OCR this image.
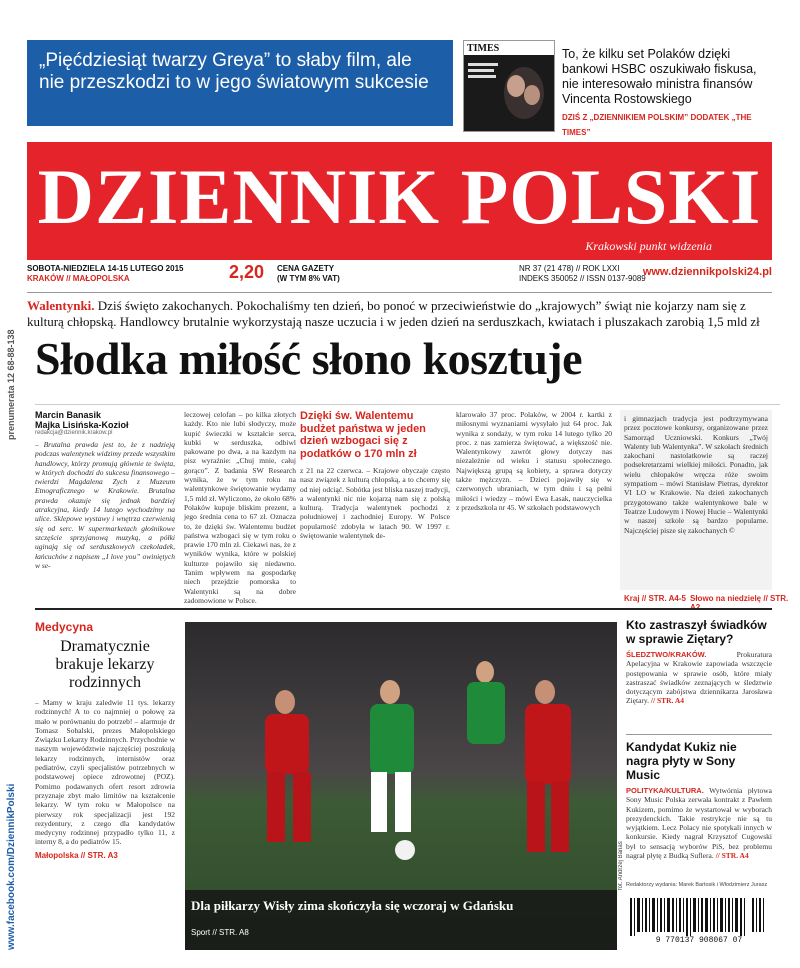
„Pięćdziesiąt twarzy Greya” to słaby film, ale nie przeszkodzi to w jego światowym sukcesie
TIMES	To, że kilku set Polaków dzięki bankowi HSBC oszukiwało fiskusa, nie interesowało ministra finansów Vincenta Rostowskiego
DZIŚ Z „DZIENNIKIEM POLSKIM” DODATEK „THE TIMES”
DZIENNIK POLSKI
Krakowski punkt widzenia
SOBOTA-NIEDZIELA 14-15 LUTEGO 2015
KRAKÓW // MAŁOPOLSKA	2,20 CENA GAZETY
(W TYM 8% VAT)
NR 37 (21 478) // ROK LXXI
INDEKS 350052 // ISSN 0137-9089
www.dziennikpolski24.pl
prenumerata 12 68-88-138
www.facebook.com/DziennikPolski
Walentynki. Dziś święto zakochanych. Pokochaliśmy ten dzień, bo ponoć w przeciwieństwie do „krajowych” świąt nie kojarzy nam się z kulturą chłopską. Handlowcy brutalnie wykorzystają nasze uczucia i w jeden dzień na serduszkach, kwiatach i pluszakach zarobią 1,5 mld zł
Słodka miłość słono kosztuje
Marcin Banasik
Majka Lisińska-Kozioł
redakcja@dziennik.krakow.pl
– Brutalna prawda jest to, że z nadzieją podczas walentynek widzimy przede wszystkim handlowcy, którzy promują głównie te święta, w których dochodzi do sukcesu finansowego – twierdzi Magdalena Zych z Muzeum Etnograficznego w Krakowie. Brutalna prawda okazuje się jednak bardziej atrakcyjna, kiedy 14 lutego wychodzimy na ulice. Sklepowe wystawy i wnętrza czerwienią się od serc. W supermarketach głośnikowe szczęście sprzyjanową muzyką, a półki uginają się od serduszkowych czekoladek, łańcuchów z napisem „I love you” owiniętych w se-
leczowej celofan – po kilka złotych każdy. Kto nie lubi słodyczy, może kupić świeczki w kształcie serca, kubki w serduszka, odbiwl pakowane po dwa, a na kazdym na pisz wyraźnie: „Chuj mnie, całuj gorąco”. Z badania SW Research wynika, że w tym roku na walentynkowe świętowanie wydamy 1,5 mld zł. Wyliczono, że około 68% Polaków kupuje bliskim prezent, a jego średnia cena to 67 zł. Oznacza to, że dzięki św. Walentemu budżet państwa wzbogaci się w tym roku o prawie 170 mln zł. Ciekawi nas, że z wyników wynika, które w polskiej kulturze pojawiło się niedawno. Tanim wpływem na gospodarkę niech przejdzie pomorska to Walentynki są na dobre zadomowione w Polsce.
Dzięki św. Walentemu budżet państwa w jeden dzień wzbogaci się z podatków o 170 mln zł
z 21 na 22 czerwca. – Krajowe obyczaje często nasz związek z kulturą chłopską, a to chcemy się od niej odciąć. Sobótka jest bliska naszej tradycji, a walentynki nic nie kojarzą nam się z polską kulturą. Tradycja walentynek pochodzi z południowej i zachodniej Europy. W Polsce popularność zdobyła w latach 90. W 1997 r. świętowanie walentynek de-
klarowało 37 proc. Polaków, w 2004 r. kartki z miłosnymi wyznaniami wysyłało już 64 proc. Jak wynika z sondaży, w tym roku 14 lutego tylko 20 proc. z nas zamierza świętować, a większość nie. Walentynkowy zawrót głowy dotyczy nas niezależnie od wieku i statusu społecznego. Największą grupą są kobiety, a sprawa dotyczy także mężczyzn. – Dzieci pojawiły się w czerwonych ubraniach, w tym dniu i są pełni miłości i wiedzy – mówi Ewa Łasak, nauczycielka z przedszkola nr 45. W szkołach podstawowych
i gimnazjach tradycja jest podtrzymywana przez pocztowe konkursy, organizowane przez Samorząd Uczniowski. Konkurs „Twój Walenty lub Walentynka”. W szkołach średnich zakochani nastolatkowie są raczej podsekretarzami wielkiej miłości. Ponadto, jak wielu chłopaków wręcza róże swoim sympatiom – mówi Stanisław Pietras, dyrektor VI LO w Krakowie. Na dzień zakochanych przygotowano także walentynkowe bale w Teatrze Ludowym i Nowej Hucie – Walentynki w naszej szkole są bardzo popularne. Najczęściej pisze się zakochanych ©
Kraj // STR. A4-5 Słowo na niedzielę // STR.
Medycyna
Dramatycznie brakuje lekarzy rodzinnych
– Mamy w kraju zaledwie 11 tys. lekarzy rodzinnych! A to co najmniej o połowę za mało w porównaniu do potrzeb! – alarmuje dr Tomasz Sobalski, prezes Małopolskiego Związku Lekarzy Rodzinnych. Przychodnie w naszym województwie najczęściej poszukują lekarzy rodzinnych, internistów oraz pediatrów, czyli specjalistów potrzebnych w podstawowej opiece zdrowotnej (POZ). Pomimo podawanych ofert resort zdrowia przyznaje zbyt mało limitów na kształcenie lekarzy. W tym roku w Małopolsce na pierwszy rok specjalizacji jest 192 rezydentury, z czego dla kandydatów medycyny rodzinnej przypadło tylko 11, z interny 8, a do pediatrów 15.
Małopolska // STR. A3
Dla piłkarzy Wisły zima skończyła się wczoraj w Gdańsku
Sport // STR. A8
fot. Andrzej Banaś
Kto zastraszył świadków w sprawie Ziętary?
ŚLEDZTWO/KRAKÓW.	Prokuratura Apelacyjna w Krakowie zapowiada wszczęcie postępowania w sprawie osób, które miały zastraszać świadków zeznających w śledztwie dotyczącym zabójstwa dziennikarza Jarosława Ziętary. // STR. A4
Kandydat Kukiz nie nagra płyty w Sony Music
POLITYKA/KULTURA. Wytwórnia płytowa Sony Music Polska zerwała kontrakt z Pawłem Kukizem, pomimo że wystartował w wyborach prezydenckich. Takie restrykcje nie są tu wyjątkiem. Lecz Polacy nie spotykali innych w konkursie. Kiedy nagrał Krzysztof Cugowski był to sensacją wyborów PiS, bez problemu nagrał płytę z Budką Suflera. // STR. A4
Redaktorzy wydania: Marek Bartosik i Włodzimierz Jurasz
9 770137 908067 07
